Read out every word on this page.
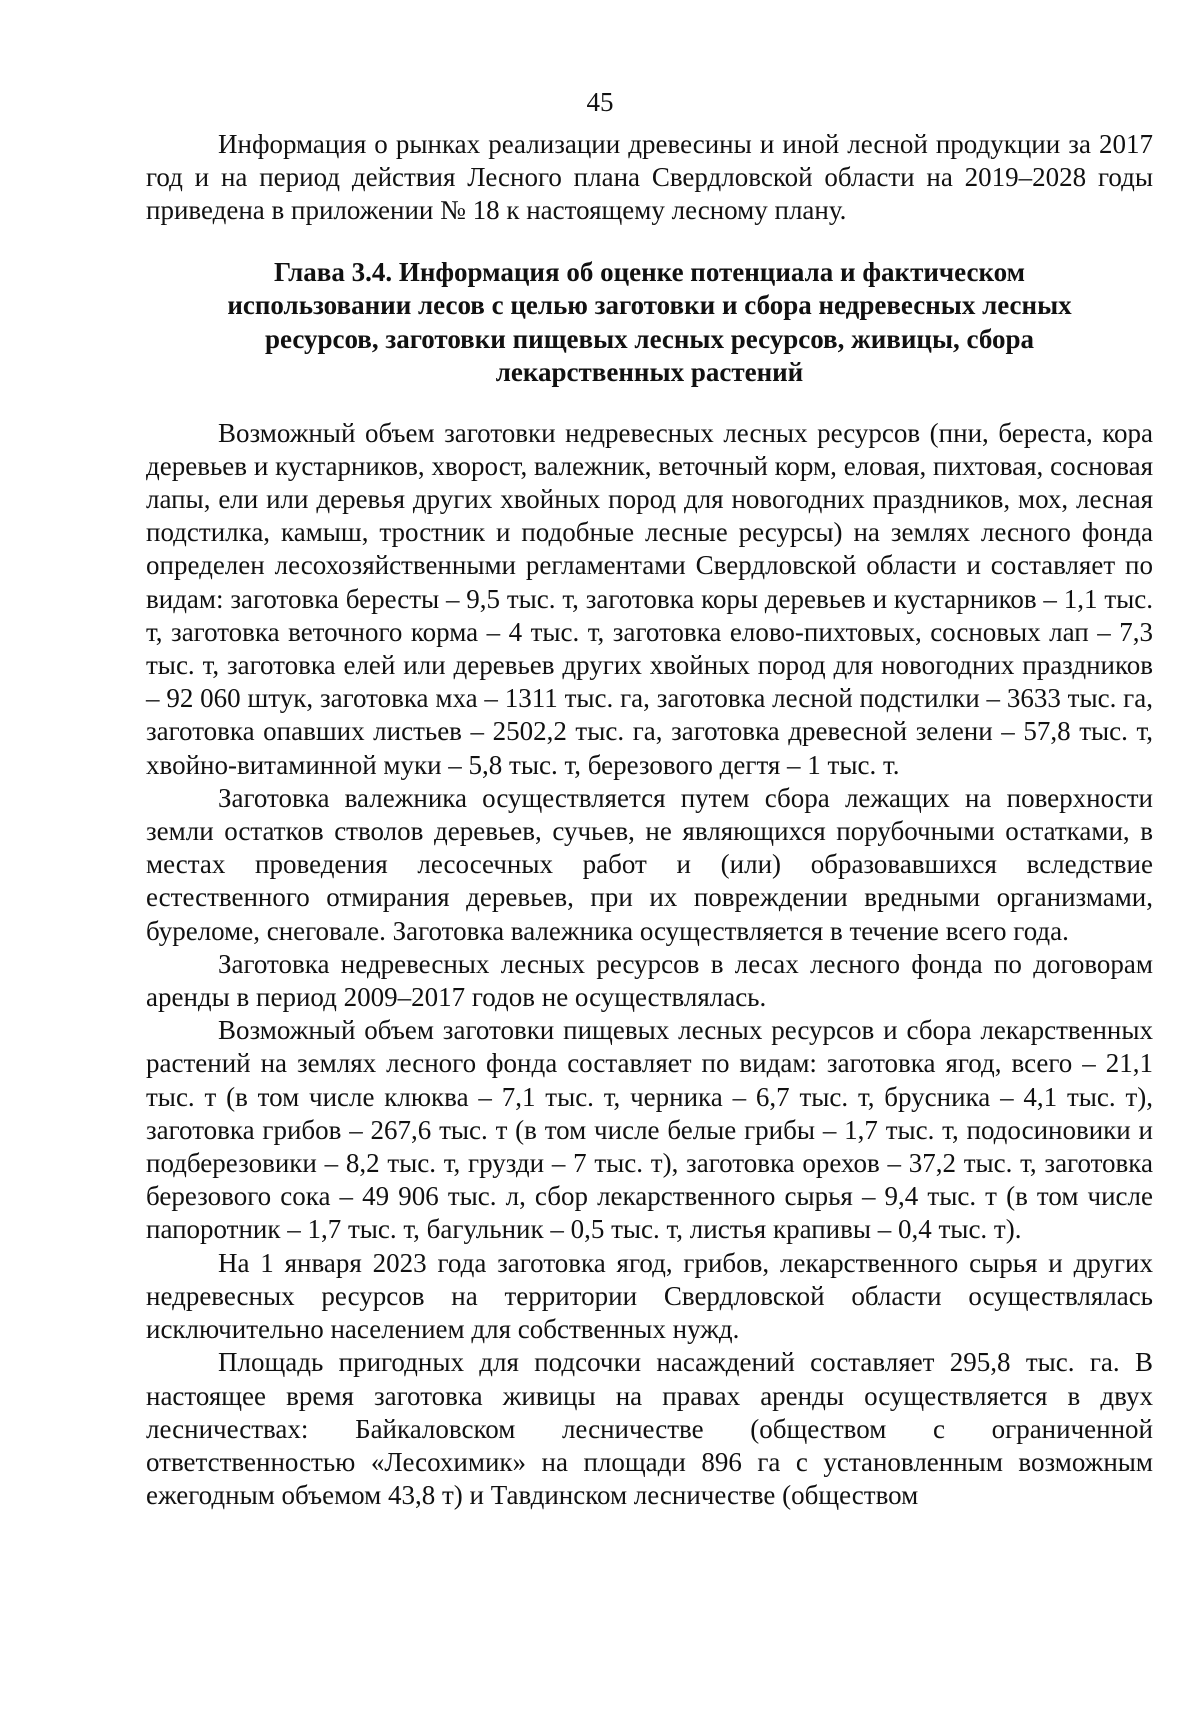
45

Информация о рынках реализации древесины и иной лесной продукции за 2017 год и на период действия Лесного плана Свердловской области на 2019–2028 годы приведена в приложении № 18 к настоящему лесному плану.

Глава 3.4. Информация об оценке потенциала и фактическом
использовании лесов с целью заготовки и сбора недревесных лесных
ресурсов, заготовки пищевых лесных ресурсов, живицы, сбора
лекарственных растений

Возможный объем заготовки недревесных лесных ресурсов (пни, береста, кора деревьев и кустарников, хворост, валежник, веточный корм, еловая, пихтовая, сосновая лапы, ели или деревья других хвойных пород для новогодних праздников, мох, лесная подстилка, камыш, тростник и подобные лесные ресурсы) на землях лесного фонда определен лесохозяйственными регламентами Свердловской области и составляет по видам: заготовка бересты – 9,5 тыс. т, заготовка коры деревьев и кустарников – 1,1 тыс. т, заготовка веточного корма – 4 тыс. т, заготовка елово-пихтовых, сосновых лап – 7,3 тыс. т, заготовка елей или деревьев других хвойных пород для новогодних праздников – 92 060 штук, заготовка мха – 1311 тыс. га, заготовка лесной подстилки – 3633 тыс. га, заготовка опавших листьев – 2502,2 тыс. га, заготовка древесной зелени – 57,8 тыс. т, хвойно-витаминной муки – 5,8 тыс. т, березового дегтя – 1 тыс. т.

Заготовка валежника осуществляется путем сбора лежащих на поверхности земли остатков стволов деревьев, сучьев, не являющихся порубочными остатками, в местах проведения лесосечных работ и (или) образовавшихся вследствие естественного отмирания деревьев, при их повреждении вредными организмами, буреломе, снеговале. Заготовка валежника осуществляется в течение всего года.

Заготовка недревесных лесных ресурсов в лесах лесного фонда по договорам аренды в период 2009–2017 годов не осуществлялась.

Возможный объем заготовки пищевых лесных ресурсов и сбора лекарственных растений на землях лесного фонда составляет по видам: заготовка ягод, всего – 21,1 тыс. т (в том числе клюква – 7,1 тыс. т, черника – 6,7 тыс. т, брусника – 4,1 тыс. т), заготовка грибов – 267,6 тыс. т (в том числе белые грибы – 1,7 тыс. т, подосиновики и подберезовики – 8,2 тыс. т, грузди – 7 тыс. т), заготовка орехов – 37,2 тыс. т, заготовка березового сока – 49 906 тыс. л, сбор лекарственного сырья – 9,4 тыс. т (в том числе папоротник – 1,7 тыс. т, багульник – 0,5 тыс. т, листья крапивы – 0,4 тыс. т).

На 1 января 2023 года заготовка ягод, грибов, лекарственного сырья и других недревесных ресурсов на территории Свердловской области осуществлялась исключительно населением для собственных нужд.

Площадь пригодных для подсочки насаждений составляет 295,8 тыс. га. В настоящее время заготовка живицы на правах аренды осуществляется в двух лесничествах: Байкаловском лесничестве (обществом с ограниченной ответственностью «Лесохимик» на площади 896 га с установленным возможным ежегодным объемом 43,8 т) и Тавдинском лесничестве (обществом
